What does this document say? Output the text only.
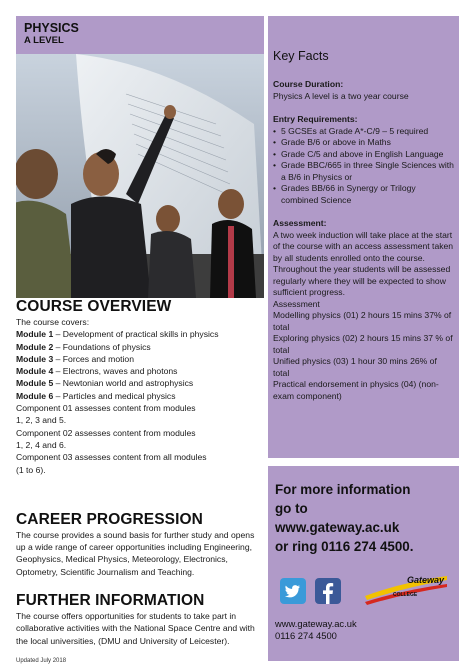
PHYSICS
A LEVEL
COURSE OVERVIEW
The course covers:
Module 1 – Development of practical skills in physics
Module 2 – Foundations of physics
Module 3 – Forces and motion
Module 4 – Electrons, waves and photons
Module 5 – Newtonian world and astrophysics
Module 6 – Particles and medical physics
Component 01 assesses content from modules
1, 2, 3 and 5.
Component 02 assesses content from modules
1, 2, 4 and 6.
Component 03 assesses content from all modules
(1 to 6).
CAREER PROGRESSION
The course provides a sound basis for further study and opens up a wide range of career opportunities including Engineering, Geophysics, Medical Physics, Meteorology, Electronics, Optometry, Scientific Journalism and Teaching.
FURTHER INFORMATION
The course offers opportunities for students to take part in collaborative activities with the National Space Centre and with the local universities, (DMU and University of Leicester).
Updated July 2018
Key Facts
Course Duration:
Physics A level is a two year course
Entry Requirements:
• 5 GCSEs at Grade A*-C/9 – 5 required
• Grade B/6 or above in Maths
• Grade C/5 and above in English Language
• Grade BBC/665 in three Single Sciences with a B/6 in Physics or
• Grades BB/66 in Synergy or Trilogy combined Science
Assessment:
A two week induction will take place at the start of the course with an access assessment taken by all students enrolled onto the course. Throughout the year students will be assessed regularly where they will be expected to show sufficient progress.
Assessment
Modelling physics (01) 2 hours 15 mins 37% of total
Exploring physics (02) 2 hours 15 mins 37 % of total
Unified physics (03) 1 hour 30 mins 26% of total
Practical endorsement in physics (04) (non-exam component)
For more information
go to
www.gateway.ac.uk
or ring 0116 274 4500.
Gateway
COLLEGE
www.gateway.ac.uk
0116 274 4500
